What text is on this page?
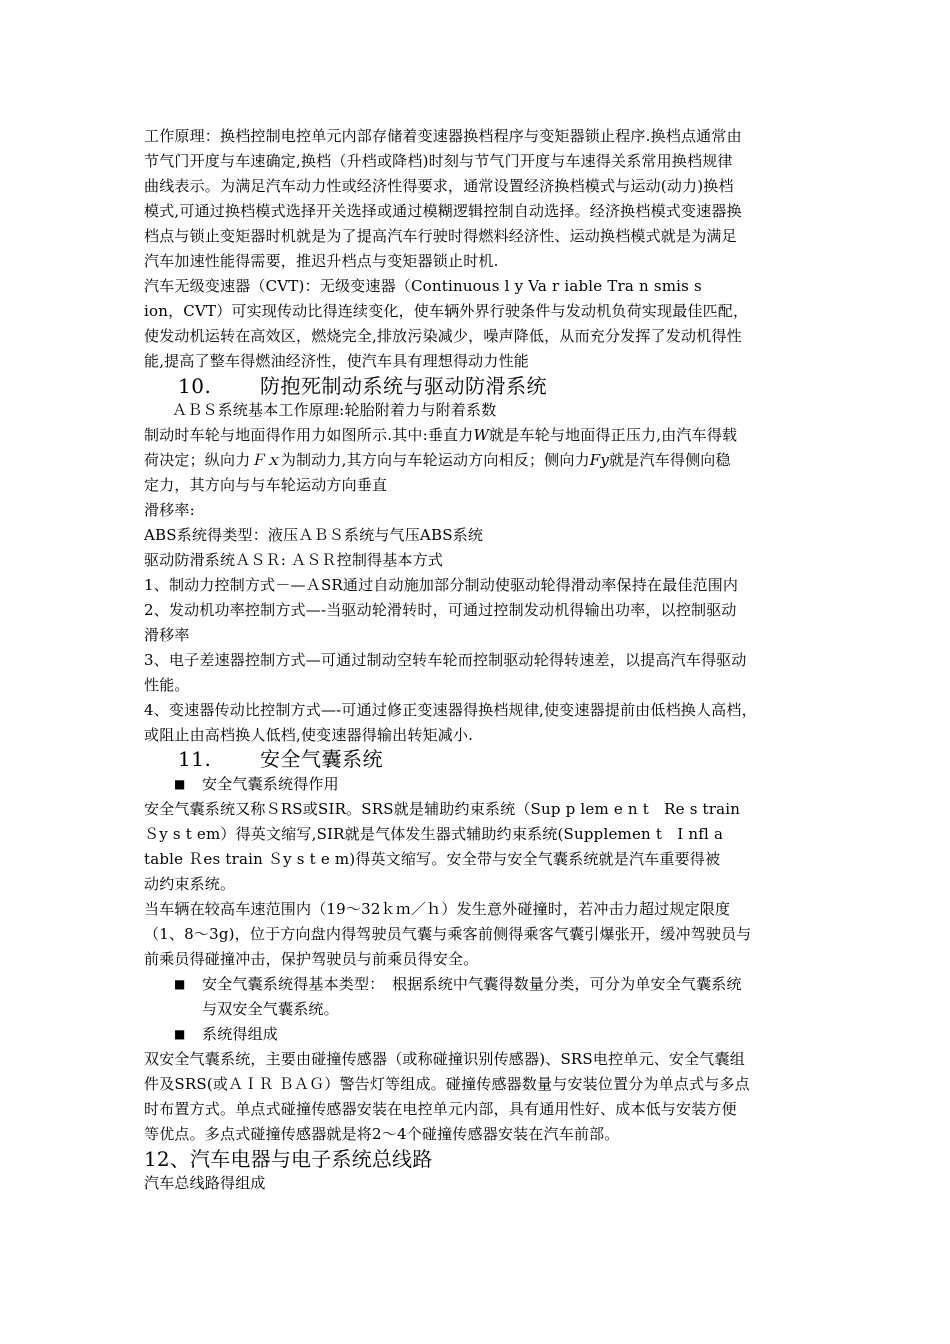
工作原理：换档控制电控单元内部存储着变速器换档程序与变矩器锁止程序.换档点通常由
节气门开度与车速确定,换档（升档或降档)时刻与节气门开度与车速得关系常用换档规律
曲线表示。为满足汽车动力性或经济性得要求，通常设置经济换档模式与运动(动力)换档
模式,可通过换档模式选择开关选择或通过模糊逻辑控制自动选择。经济换档模式变速器换
档点与锁止变矩器时机就是为了提高汽车行驶时得燃料经济性、运动换档模式就是为满足
汽车加速性能得需要，推迟升档点与变矩器锁止时机.
汽车无级变速器（CVT)：无级变速器（Continuous l y Va r iable Tra n smis s
ion，CVT）可实现传动比得连续变化，使车辆外界行驶条件与发动机负荷实现最佳匹配，
使发动机运转在高效区，燃烧完全,排放污染减少，噪声降低，从而充分发挥了发动机得性
能,提高了整车得燃油经济性，使汽车具有理想得动力性能
10. 防抱死制动系统与驱动防滑系统
ＡＢＳ系统基本工作原理:轮胎附着力与附着系数
制动时车轮与地面得作用力如图所示.其中:垂直力W就是车轮与地面得正压力,由汽车得载
荷决定；纵向力Ｆｘ为制动力,其方向与车轮运动方向相反；侧向力Fy就是汽车得侧向稳
定力，其方向与与车轮运动方向垂直
滑移率:
ABS系统得类型：液压ＡＢＳ系统与气压ABS系统
驱动防滑系统ＡＳＲ: ＡＳＲ控制得基本方式
1、制动力控制方式－—ＡSR通过自动施加部分制动使驱动轮得滑动率保持在最佳范围内
2、发动机功率控制方式—-当驱动轮滑转时，可通过控制发动机得输出功率，以控制驱动
滑移率
3、电子差速器控制方式—可通过制动空转车轮而控制驱动轮得转速差，以提高汽车得驱动
性能。
4、变速器传动比控制方式—-可通过修正变速器得换档规律,使变速器提前由低档换人高档，
或阻止由高档换人低档,使变速器得输出转矩减小.
11. 安全气囊系统
■ 安全气囊系统得作用
安全气囊系统又称ＳRS或SIR。SRS就是辅助约束系统（Sup p lem e n t　Re s train
Ｓy s t em）得英文缩写,SIR就是气体发生器式辅助约束系统(Supplemen t　I nfl a
table Ｒes train Ｓy s t e m)得英文缩写。安全带与安全气囊系统就是汽车重要得被
动约束系统。
当车辆在较高车速范围内（19～32ｋｍ／ｈ）发生意外碰撞时，若冲击力超过规定限度
（1、8～3g)，位于方向盘内得驾驶员气囊与乘客前侧得乘客气囊引爆张开，缓冲驾驶员与
前乘员得碰撞冲击，保护驾驶员与前乘员得安全。
■ 安全气囊系统得基本类型：　根据系统中气囊得数量分类，可分为单安全气囊系统
与双安全气囊系统。
■ 系统得组成
双安全气囊系统，主要由碰撞传感器（或称碰撞识别传感器)、SRS电控单元、安全气囊组
件及SRS(或ＡＩＲ ＢＡＧ）警告灯等组成。碰撞传感器数量与安装位置分为单点式与多点
时布置方式。单点式碰撞传感器安装在电控单元内部，具有通用性好、成本低与安装方便
等优点。多点式碰撞传感器就是将2～4个碰撞传感器安装在汽车前部。
12、汽车电器与电子系统总线路
汽车总线路得组成
